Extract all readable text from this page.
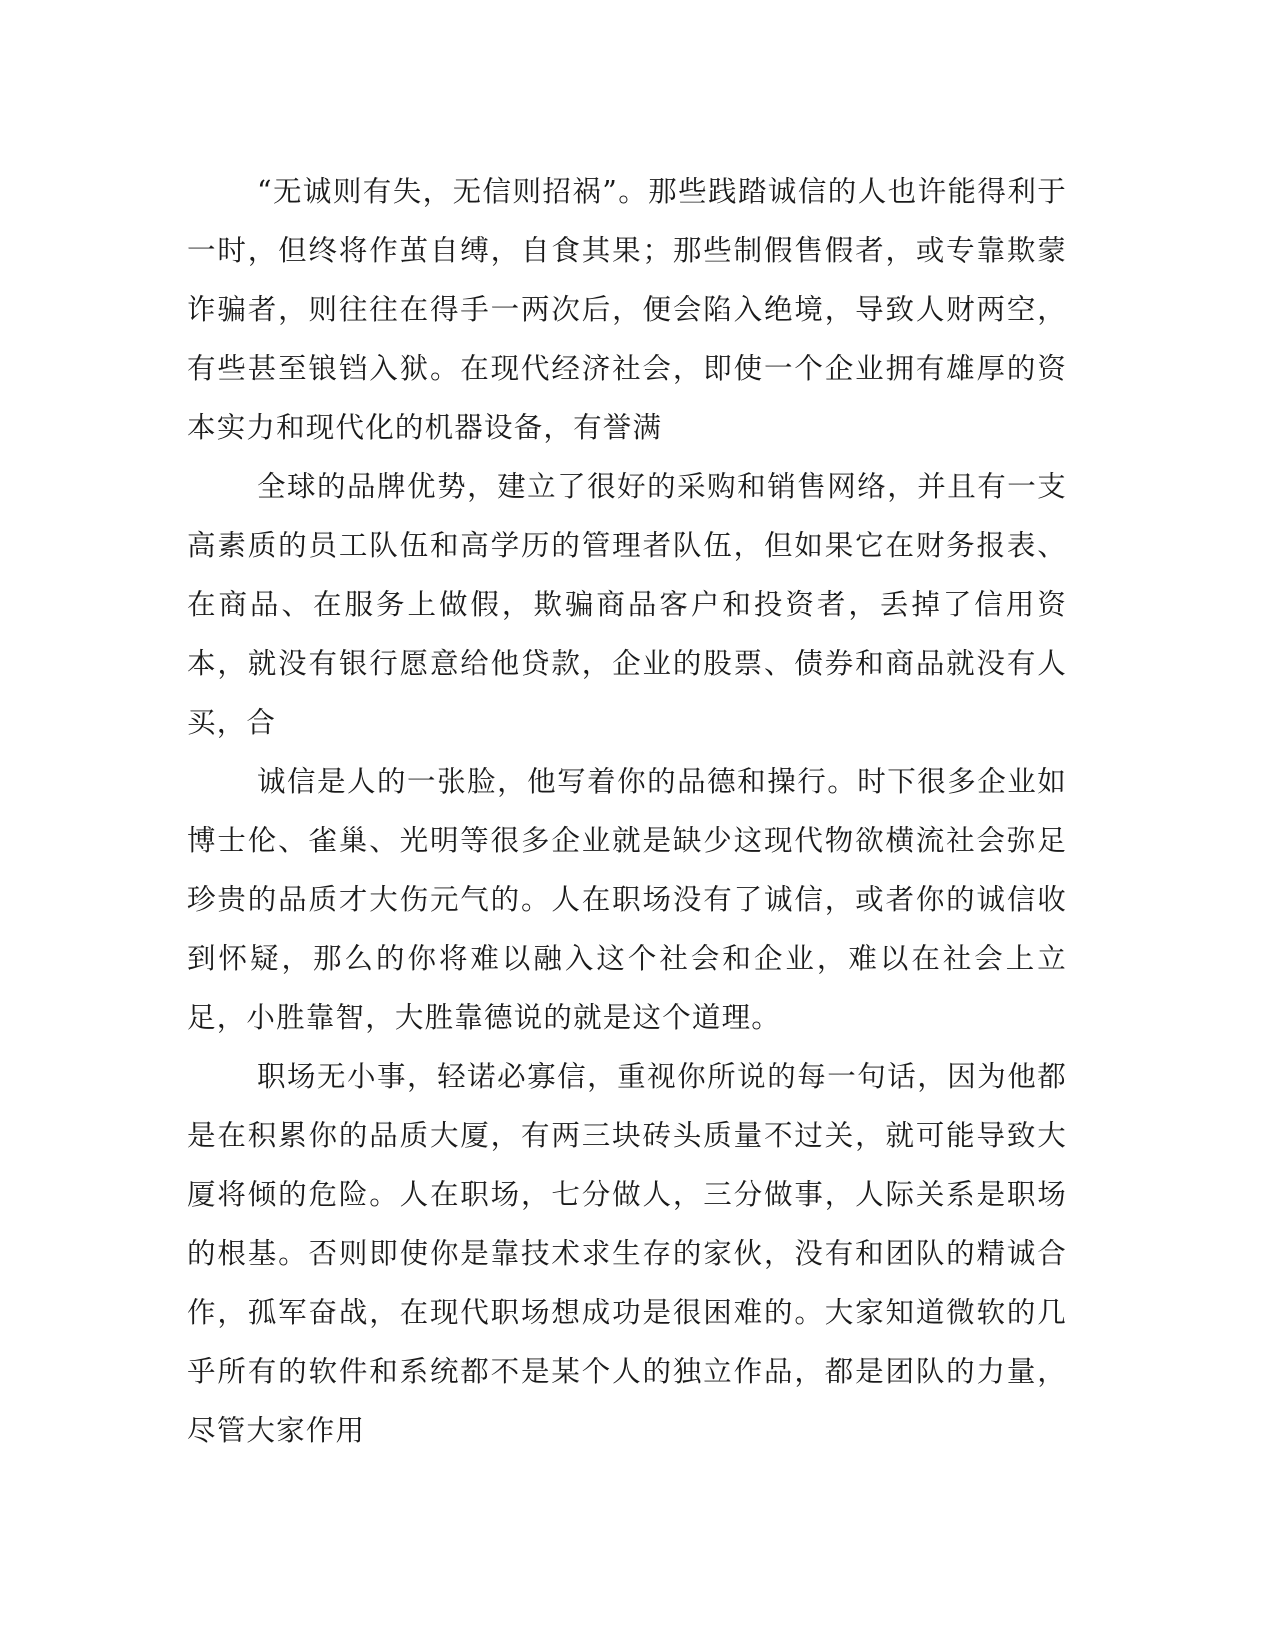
“无诚则有失，无信则招祸”。那些践踏诚信的人也许能得利于一时，但终将作茧自缚，自食其果；那些制假售假者，或专靠欺蒙诈骗者，则往往在得手一两次后，便会陷入绝境，导致人财两空，有些甚至锒铛入狱。在现代经济社会，即使一个企业拥有雄厚的资本实力和现代化的机器设备，有誉满

全球的品牌优势，建立了很好的采购和销售网络，并且有一支高素质的员工队伍和高学历的管理者队伍，但如果它在财务报表、在商品、在服务上做假，欺骗商品客户和投资者，丢掉了信用资本，就没有银行愿意给他贷款，企业的股票、债券和商品就没有人买，合

诚信是人的一张脸，他写着你的品德和操行。时下很多企业如博士伦、雀巢、光明等很多企业就是缺少这现代物欲横流社会弥足珍贵的品质才大伤元气的。人在职场没有了诚信，或者你的诚信收到怀疑，那么的你将难以融入这个社会和企业，难以在社会上立足，小胜靠智，大胜靠德说的就是这个道理。

职场无小事，轻诺必寡信，重视你所说的每一句话，因为他都是在积累你的品质大厦，有两三块砖头质量不过关，就可能导致大厦将倾的危险。人在职场，七分做人，三分做事，人际关系是职场的根基。否则即使你是靠技术求生存的家伙，没有和团队的精诚合作，孤军奋战，在现代职场想成功是很困难的。大家知道微软的几乎所有的软件和系统都不是某个人的独立作品，都是团队的力量，尽管大家作用
